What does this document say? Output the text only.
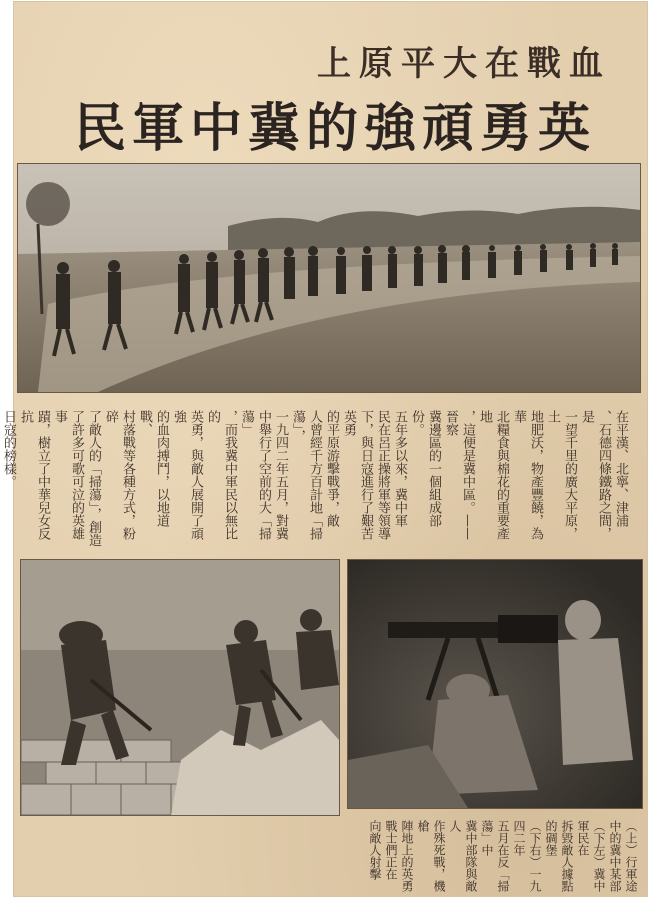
上原平大在戰血
民軍中冀的強頑勇英
在平漢、北寧、津浦
、石德四條鐵路之間，是
一望千里的廣大平原，土
地肥沃，物產豐饒，為華
北糧食與棉花的重要產地
，這便是冀中區。——晉察
冀邊區的一個組成部份。
五年多以來，冀中軍
民在呂正操將軍等領導
下，與日寇進行了艱苦英勇
的平原游擊戰爭，敵
人曾經千方百計地「掃蕩」，
一九四二年五月，對冀
中舉行了空前的大「掃蕩」
，而我冀中軍民以無比的
英勇，與敵人展開了頑強
的血肉搏鬥，以地道戰、
村落戰等各種方式，粉碎
了敵人的「掃蕩」，創造
了許多可歌可泣的英雄事
蹟，樹立了中華兒女反抗
日寇的榜樣。

（上）行軍途中的冀中某部
（下左）冀中軍民在
拆毀敵人據點的碉堡
（下右）一九四二年
五月在反「掃蕩」中
冀中部隊與敵人
作殊死戰，機槍
陣地上的英勇
戰士們正在
向敵人射擊
